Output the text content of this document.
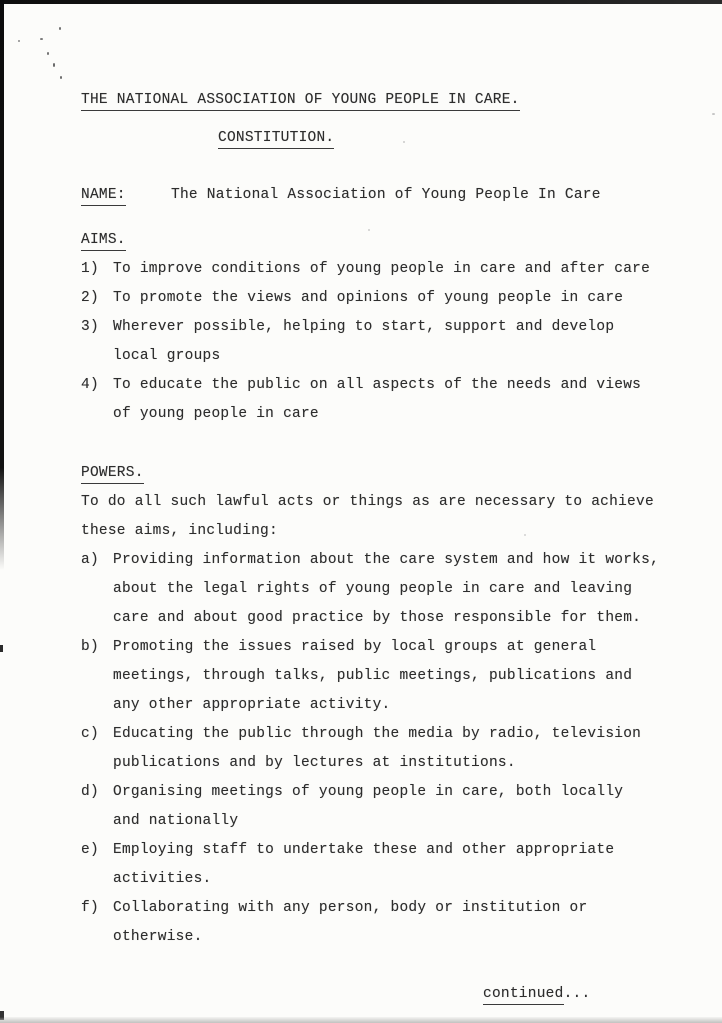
THE NATIONAL ASSOCIATION OF YOUNG PEOPLE IN CARE.
CONSTITUTION.
NAME:	The National Association of Young People In Care
AIMS.
1) To improve conditions of young people in care and after care
2) To promote the views and opinions of young people in care
3) Wherever possible, helping to start, support and develop
local groups
4) To educate the public on all aspects of the needs and views
of young people in care
POWERS.
To do all such lawful acts or things as are necessary to achieve
these aims, including:
a) Providing information about the care system and how it works,
about the legal rights of young people in care and leaving
care and about good practice by those responsible for them.
b) Promoting the issues raised by local groups at general
meetings, through talks, public meetings, publications and
any other appropriate activity.
c) Educating the public through the media by radio, television
publications and by lectures at institutions.
d) Organising meetings of young people in care, both locally
and nationally
e) Employing staff to undertake these and other appropriate
activities.
f) Collaborating with any person, body or institution or
otherwise.
continued...
